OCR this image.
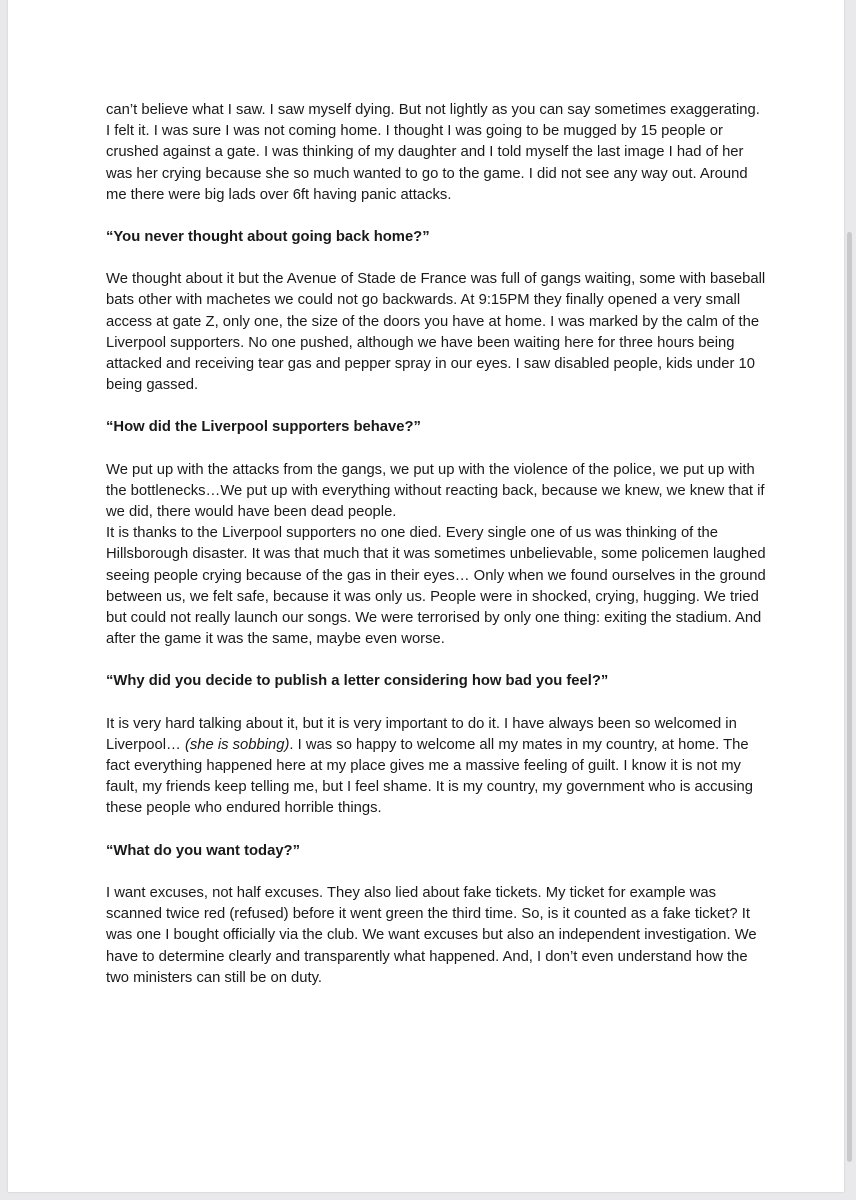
can’t believe what I saw. I saw myself dying. But not lightly as you can say sometimes exaggerating. I felt it. I was sure I was not coming home. I thought I was going to be mugged by 15 people or crushed against a gate. I was thinking of my daughter and I told myself the last image I had of her was her crying because she so much wanted to go to the game. I did not see any way out. Around me there were big lads over 6ft having panic attacks.

“You never thought about going back home?”

We thought about it but the Avenue of Stade de France was full of gangs waiting, some with baseball bats other with machetes we could not go backwards. At 9:15PM they finally opened a very small access at gate Z, only one, the size of the doors you have at home. I was marked by the calm of the Liverpool supporters. No one pushed, although we have been waiting here for three hours being attacked and receiving tear gas and pepper spray in our eyes. I saw disabled people, kids under 10 being gassed.

“How did the Liverpool supporters behave?”

We put up with the attacks from the gangs, we put up with the violence of the police, we put up with the bottlenecks…We put up with everything without reacting back, because we knew, we knew that if we did, there would have been dead people.

It is thanks to the Liverpool supporters no one died. Every single one of us was thinking of the Hillsborough disaster. It was that much that it was sometimes unbelievable, some policemen laughed seeing people crying because of the gas in their eyes… Only when we found ourselves in the ground between us, we felt safe, because it was only us. People were in shocked, crying, hugging. We tried but could not really launch our songs. We were terrorised by only one thing: exiting the stadium. And after the game it was the same, maybe even worse.

“Why did you decide to publish a letter considering how bad you feel?”

It is very hard talking about it, but it is very important to do it. I have always been so welcomed in Liverpool… (she is sobbing). I was so happy to welcome all my mates in my country, at home. The fact everything happened here at my place gives me a massive feeling of guilt. I know it is not my fault, my friends keep telling me, but I feel shame. It is my country, my government who is accusing these people who endured horrible things.

“What do you want today?”

I want excuses, not half excuses. They also lied about fake tickets. My ticket for example was scanned twice red (refused) before it went green the third time. So, is it counted as a fake ticket? It was one I bought officially via the club. We want excuses but also an independent investigation. We have to determine clearly and transparently what happened. And, I don’t even understand how the two ministers can still be on duty.
